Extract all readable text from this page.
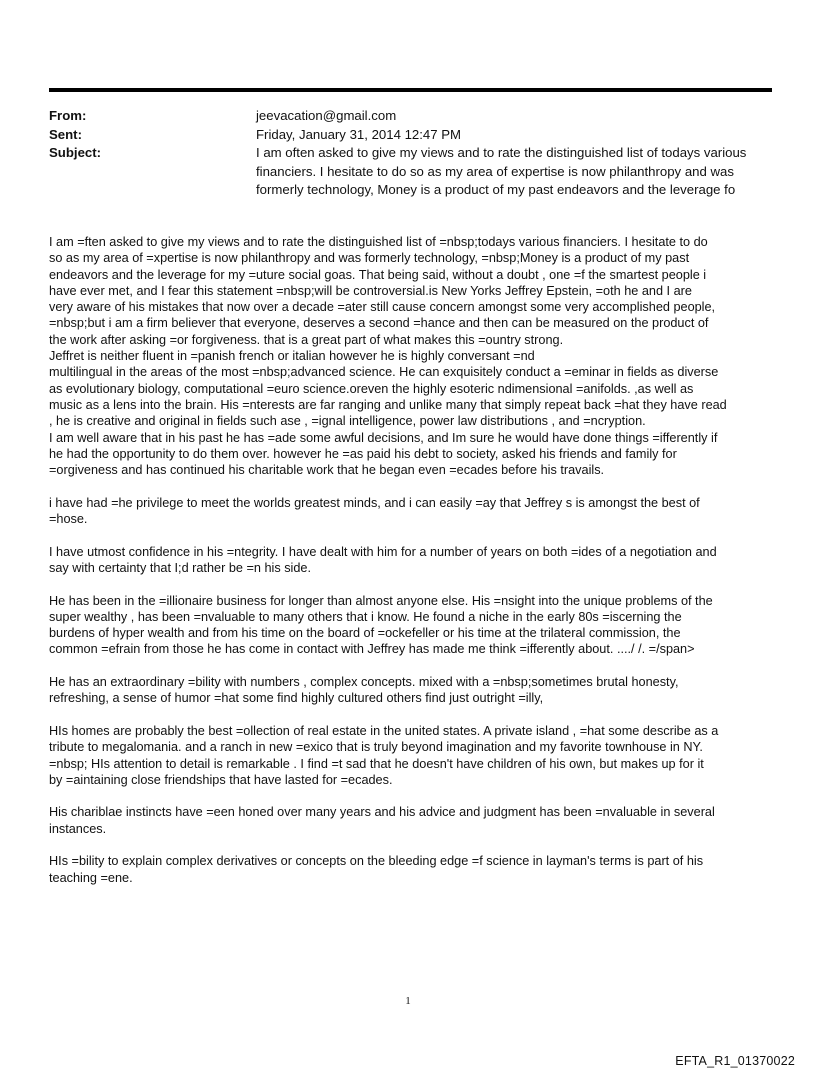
From:	jeevacation@gmail.com
Sent:	Friday, January 31, 2014 12:47 PM
Subject:	I am often asked to give my views and to rate the distinguished list of todays various
financiers. I hesitate to do so as my area of expertise is now philanthropy and was
formerly technology, Money is a product of my past endeavors and the leverage fo

I am =ften asked to give my views and to rate the distinguished list of =nbsp;todays various financiers. I hesitate to do
so as my area of =xpertise is now philanthropy and was formerly technology, =nbsp;Money is a product of my past
endeavors and the leverage for my =uture social goas. That being said, without a doubt , one =f the smartest people i
have ever met, and I fear this statement =nbsp;will be controversial.is New Yorks Jeffrey Epstein, =oth he and I are
very aware of his mistakes that now over a decade =ater still cause concern amongst some very accomplished people,
=nbsp;but i am a firm believer that everyone, deserves a second =hance and then can be measured on the product of
the work after asking =or forgiveness. that is a great part of what makes this =ountry strong.
Jeffret is neither fluent in =panish french or italian however he is highly conversant =nd
multilingual in the areas of the most =nbsp;advanced science. He can exquisitely conduct a =eminar in fields as diverse
as evolutionary biology, computational =euro science.oreven the highly esoteric ndimensional =anifolds. ,as well as
music as a lens into the brain. His =nterests are far ranging and unlike many that simply repeat back =hat they have read
, he is creative and original in fields such ase , =ignal intelligence, power law distributions , and =ncryption.
I am well aware that in his past he has =ade some awful decisions, and Im sure he would have done things =ifferently if
he had the opportunity to do them over. however he =as paid his debt to society, asked his friends and family for
=orgiveness and has continued his charitable work that he began even =ecades before his travails.

i have had =he privilege to meet the worlds greatest minds, and i can easily =ay that Jeffrey s is amongst the best of
=hose.

I have utmost confidence in his =ntegrity. I have dealt with him for a number of years on both =ides of a negotiation and
say with certainty that I;d rather be =n his side.

He has been in the =illionaire business for longer than almost anyone else. His =nsight into the unique problems of the
super wealthy , has been =nvaluable to many others that i know. He found a niche in the early 80s =iscerning the
burdens of hyper wealth and from his time on the board of =ockefeller or his time at the trilateral commission, the
common =efrain from those he has come in contact with Jeffrey has made me think =ifferently about. ..../ /. =/span>

He has an extraordinary =bility with numbers , complex concepts. mixed with a =nbsp;sometimes brutal honesty,
refreshing, a sense of humor =hat some find highly cultured others find just outright =illy,

HIs homes are probably the best =ollection of real estate in the united states. A private island , =hat some describe as a
tribute to megalomania. and a ranch in new =exico that is truly beyond imagination and my favorite townhouse in NY.
=nbsp; HIs attention to detail is remarkable . I find =t sad that he doesn't have children of his own, but makes up for it
by =aintaining close friendships that have lasted for =ecades.

His chariblae instincts have =een honed over many years and his advice and judgment has been =nvaluable in several
instances.

HIs =bility to explain complex derivatives or concepts on the bleeding edge =f science in layman's terms is part of his
teaching =ene.

1
EFTA_R1_01370022
